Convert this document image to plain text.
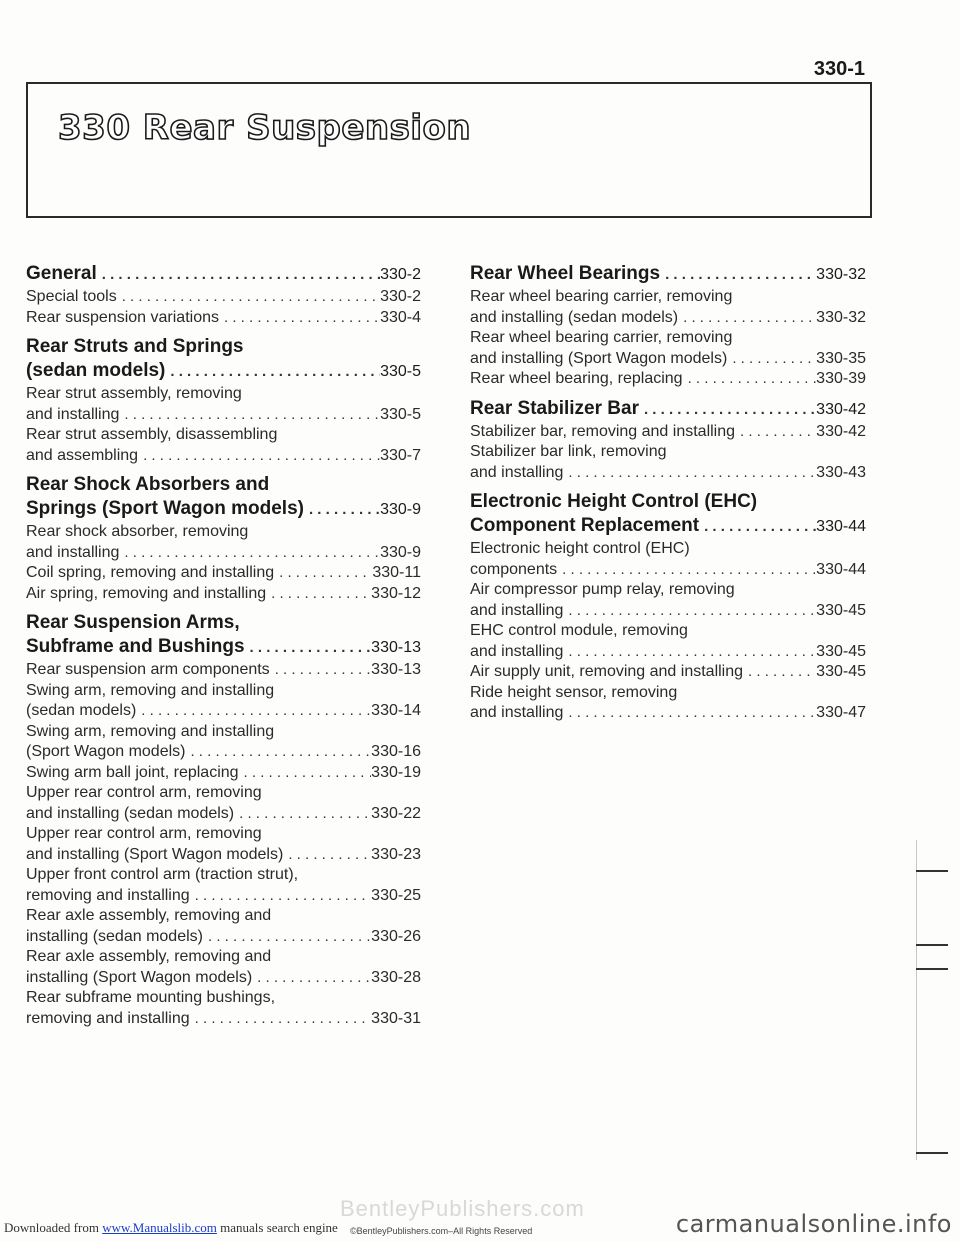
330-1
330 Rear Suspension
General . . .	330-2
Special tools . . .	330-2
Rear suspension variations . . .	330-4
Rear Struts and Springs
(sedan models) . . .	330-5
Rear strut assembly, removing
and installing . . .	330-5
Rear strut assembly, disassembling
and assembling . . .	330-7
Rear Shock Absorbers and
Springs (Sport Wagon models) . . .	330-9
Rear shock absorber, removing
and installing . . .	330-9
Coil spring, removing and installing . . .	330-11
Air spring, removing and installing . . .	330-12
Rear Suspension Arms,
Subframe and Bushings . . .	330-13
Rear suspension arm components . . .	330-13
Swing arm, removing and installing
(sedan models) . . .	330-14
Swing arm, removing and installing
(Sport Wagon models) . . .	330-16
Swing arm ball joint, replacing . . .	330-19
Upper rear control arm, removing
and installing (sedan models) . . .	330-22
Upper rear control arm, removing
and installing (Sport Wagon models) . . .	330-23
Upper front control arm (traction strut),
removing and installing . . .	330-25
Rear axle assembly, removing and
installing (sedan models) . . .	330-26
Rear axle assembly, removing and
installing (Sport Wagon models) . . .	330-28
Rear subframe mounting bushings,
removing and installing . . .	330-31
Rear Wheel Bearings . . .	330-32
Rear wheel bearing carrier, removing
and installing (sedan models) . . .	330-32
Rear wheel bearing carrier, removing
and installing (Sport Wagon models) . . .	330-35
Rear wheel bearing, replacing . . .	330-39
Rear Stabilizer Bar . . .	330-42
Stabilizer bar, removing and installing . . .	330-42
Stabilizer bar link, removing
and installing . . .	330-43
Electronic Height Control (EHC)
Component Replacement . . .	330-44
Electronic height control (EHC)
components . . .	330-44
Air compressor pump relay, removing
and installing . . .	330-45
EHC control module, removing
and installing . . .	330-45
Air supply unit, removing and installing . . .	330-45
Ride height sensor, removing
and installing . . .	330-47
Downloaded from www.Manualslib.com manuals search engine
BentleyPublishers.com
©BentleyPublishers.com–All Rights Reserved	carmanualsonline.info
